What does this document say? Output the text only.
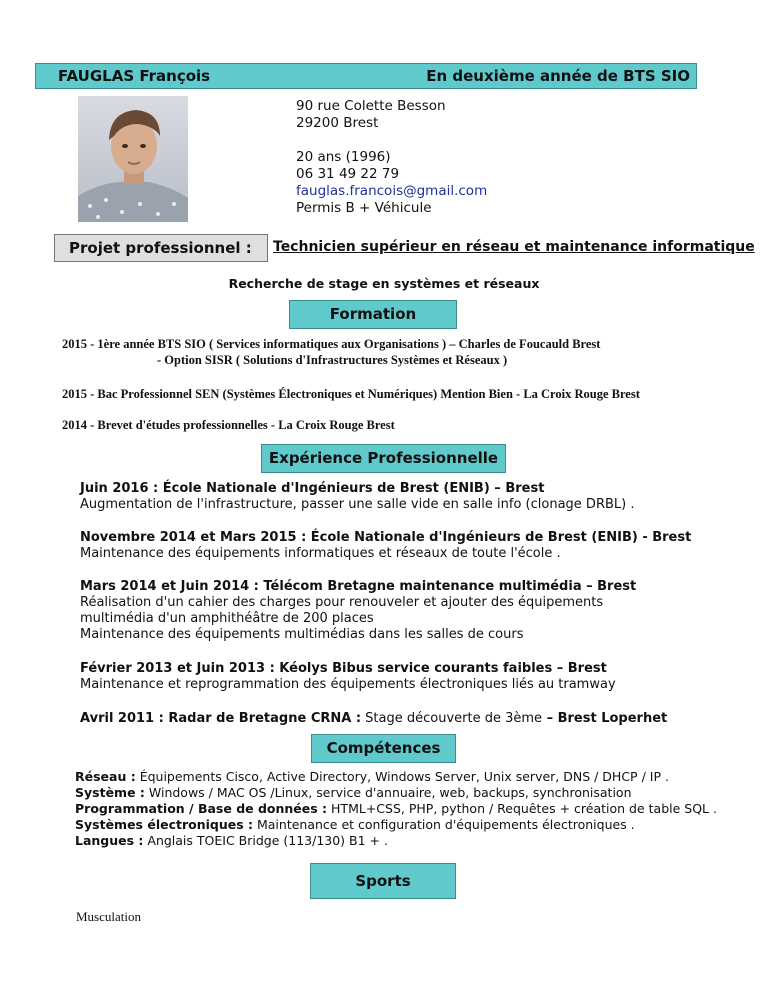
FAUGLAS François	En deuxième année de BTS SIO
90 rue Colette Besson
29200 Brest
20 ans (1996)
06 31 49 22 79
fauglas.francois@gmail.com
Permis B + Véhicule
Projet professionnel : Technicien supérieur en réseau et maintenance informatique
Recherche de stage en systèmes et réseaux
Formation
2015 - 1ère année BTS SIO ( Services informatiques aux Organisations ) – Charles de Foucauld Brest
- Option SISR ( Solutions d'Infrastructures Systèmes et Réseaux )
2015 - Bac Professionnel SEN (Systèmes Électroniques et Numériques) Mention Bien - La Croix Rouge Brest
2014 - Brevet d'études professionnelles - La Croix Rouge Brest
Expérience Professionnelle
Juin 2016 : École Nationale d'Ingénieurs de Brest (ENIB) – Brest
Augmentation de l'infrastructure, passer une salle vide en salle info (clonage DRBL) .
Novembre 2014 et Mars 2015 : École Nationale d'Ingénieurs de Brest (ENIB) - Brest
Maintenance des équipements informatiques et réseaux de toute l'école .
Mars 2014 et Juin 2014 : Télécom Bretagne maintenance multimédia – Brest
Réalisation d'un cahier des charges pour renouveler et ajouter des équipements
multimédia d'un amphithéâtre de 200 places
Maintenance des équipements multimédias dans les salles de cours
Février 2013 et Juin 2013 : Kéolys Bibus service courants faibles – Brest
Maintenance et reprogrammation des équipements électroniques liés au tramway
Avril 2011 : Radar de Bretagne CRNA : Stage découverte de 3ème – Brest Loperhet
Compétences
Réseau : Équipements Cisco, Active Directory, Windows Server, Unix server, DNS / DHCP / IP .
Système : Windows / MAC OS /Linux, service d'annuaire, web, backups, synchronisation
Programmation / Base de données : HTML+CSS, PHP, python / Requêtes + création de table SQL .
Systèmes électroniques : Maintenance et configuration d'équipements électroniques .
Langues : Anglais TOEIC Bridge (113/130) B1 + .
Sports
Musculation
